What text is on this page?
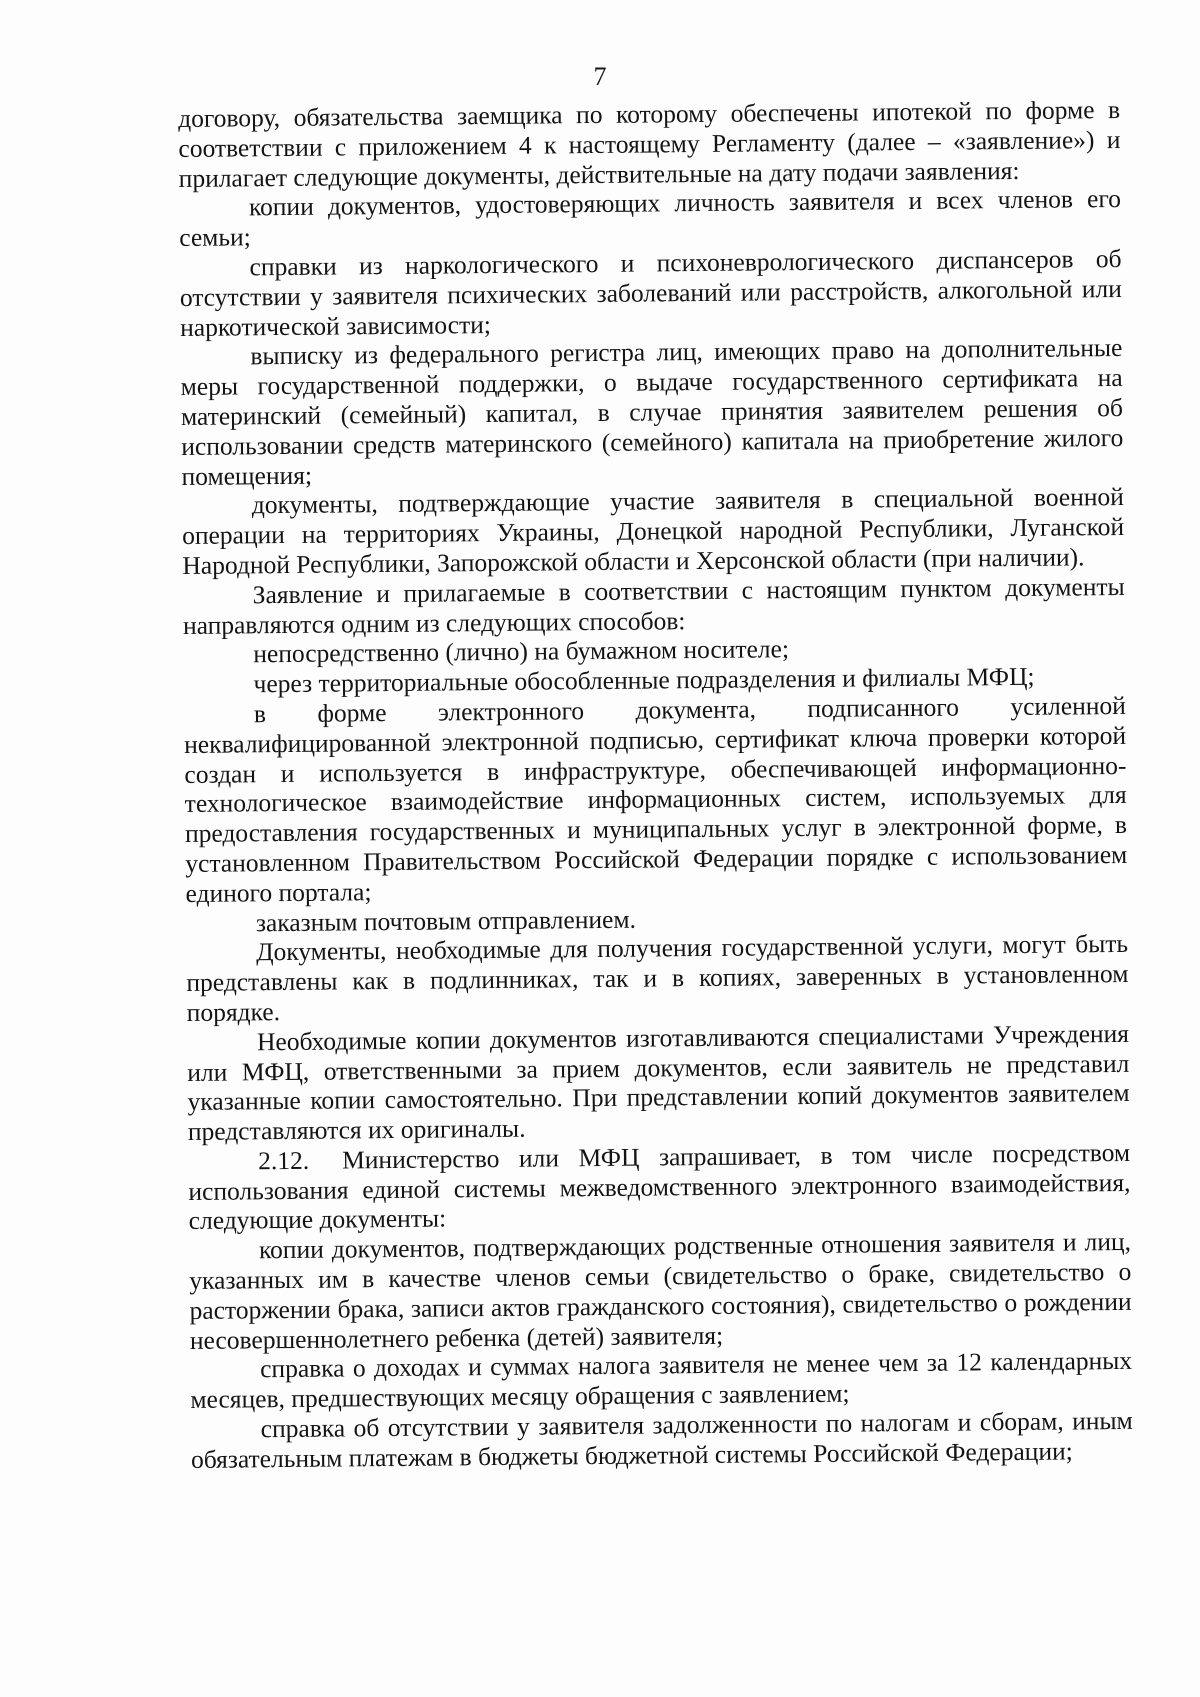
7

договору, обязательства заемщика по которому обеспечены ипотекой по форме в соответствии с приложением 4 к настоящему Регламенту (далее – «заявление») и прилагает следующие документы, действительные на дату подачи заявления:

копии документов, удостоверяющих личность заявителя и всех членов его семьи;

справки из наркологического и психоневрологического диспансеров об отсутствии у заявителя психических заболеваний или расстройств, алкогольной или наркотической зависимости;

выписку из федерального регистра лиц, имеющих право на дополнительные меры государственной поддержки, о выдаче государственного сертификата на материнский (семейный) капитал, в случае принятия заявителем решения об использовании средств материнского (семейного) капитала на приобретение жилого помещения;

документы, подтверждающие участие заявителя в специальной военной операции на территориях Украины, Донецкой народной Республики, Луганской Народной Республики, Запорожской области и Херсонской области (при наличии).

Заявление и прилагаемые в соответствии с настоящим пунктом документы направляются одним из следующих способов:

непосредственно (лично) на бумажном носителе;

через территориальные обособленные подразделения и филиалы МФЦ;

в форме электронного документа, подписанного усиленной неквалифицированной электронной подписью, сертификат ключа проверки которой создан и используется в инфраструктуре, обеспечивающей информационно-технологическое взаимодействие информационных систем, используемых для предоставления государственных и муниципальных услуг в электронной форме, в установленном Правительством Российской Федерации порядке с использованием единого портала;

заказным почтовым отправлением.

Документы, необходимые для получения государственной услуги, могут быть представлены как в подлинниках, так и в копиях, заверенных в установленном порядке.

Необходимые копии документов изготавливаются специалистами Учреждения или МФЦ, ответственными за прием документов, если заявитель не представил указанные копии самостоятельно. При представлении копий документов заявителем представляются их оригиналы.

2.12. Министерство или МФЦ запрашивает, в том числе посредством использования единой системы межведомственного электронного взаимодействия, следующие документы:

копии документов, подтверждающих родственные отношения заявителя и лиц, указанных им в качестве членов семьи (свидетельство о браке, свидетельство о расторжении брака, записи актов гражданского состояния), свидетельство о рождении несовершеннолетнего ребенка (детей) заявителя;

справка о доходах и суммах налога заявителя не менее чем за 12 календарных месяцев, предшествующих месяцу обращения с заявлением;

справка об отсутствии у заявителя задолженности по налогам и сборам, иным обязательным платежам в бюджеты бюджетной системы Российской Федерации;
